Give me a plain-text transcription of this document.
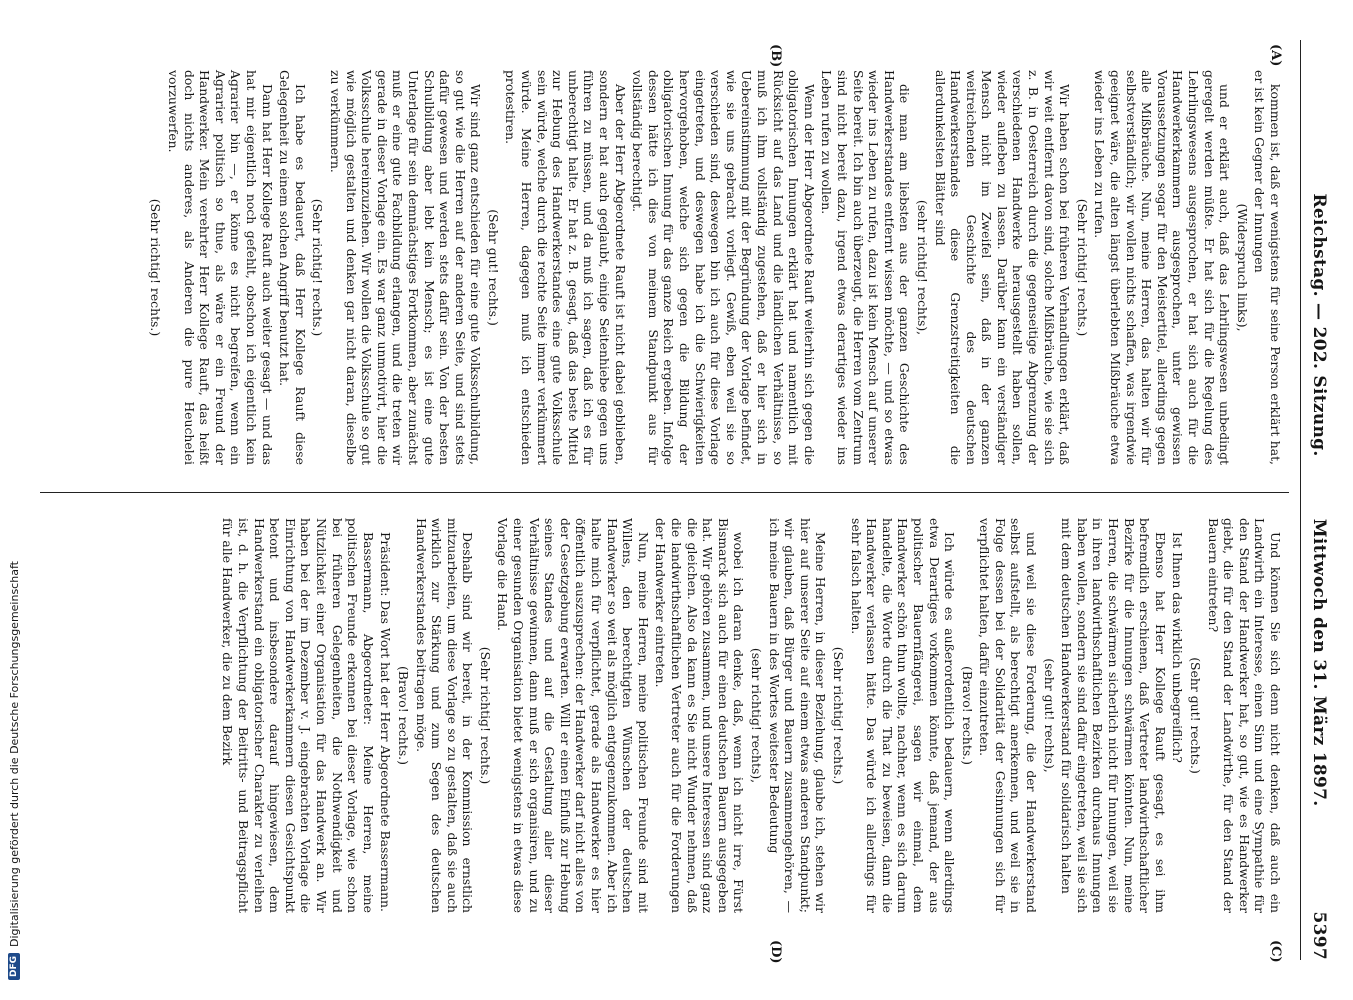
Reichstag. — 202. Sitzung.          Mittwoch den 31. März 1897.
5397
(A)
(B)
(C)
(D)

kommen ist, daß er wenigstens für seine Person erklärt hat, er ist kein Gegner der Innungen

(Widerspruch links),

und er erklärt auch, daß das Lehrlingswesen unbedingt geregelt werden müßte. Er hat sich für die Regelung des Lehrlingswesens ausgesprochen, er hat sich auch für die Handwerkerkammern ausgesprochen, unter gewissen Voraussetzungen sogar für den Meistertitel, allerdings gegen alle Mißbräuche. Nun, meine Herren, das halten wir für selbstverständlich; wir wollen nichts schaffen, was irgendwie geeignet wäre, die alten längst überlebten Mißbräuche etwa wieder ins Leben zu rufen.

(Sehr richtig! rechts.)

Wir haben schon bei früheren Verhandlungen erklärt, daß wir weit entfernt davon sind, solche Mißbräuche, wie sie sich z. B. in Oesterreich durch die gegenseitige Abgrenzung der verschiedenen Handwerke herausgestellt haben sollen, wieder aufleben zu lassen. Darüber kann ein verständiger Mensch nicht im Zweifel sein, daß in der ganzen weitreichenden Geschichte des deutschen Handwerkerstandes diese Grenzstreitigkeiten die allerdunkelsten Blätter sind

(sehr richtig! rechts),

die man am liebsten aus der ganzen Geschichte des Handwerkerstandes entfernt wissen möchte, — und so etwas wieder ins Leben zu rufen, dazu ist kein Mensch auf unserer Seite bereit. Ich bin auch überzeugt, die Herren vom Zentrum sind nicht bereit dazu, irgend etwas derartiges wieder ins Leben rufen zu wollen.

Wenn der Herr Abgeordnete Rauft weiterhin sich gegen die obligatorischen Innungen erklärt hat und namentlich mit Rücksicht auf das Land und die ländlichen Verhältnisse, so muß ich ihm vollständig zugestehen, daß er hier sich in Uebereinstimmung mit der Begründung der Vorlage befindet, wie sie uns gebracht vorliegt. Gewiß, eben weil sie so verschieden sind, deswegen bin ich auch für diese Vorlage eingetreten, und deswegen habe ich die Schwierigkeiten hervorgehoben, welche sich gegen die Bildung der obligatorischen Innung für das ganze Reich ergeben. Infolge dessen hätte ich dies von meinem Standpunkt aus für vollständig berechtigt.

Aber der Herr Abgeordnete Rauft ist nicht dabei geblieben, sondern er hat auch geglaubt, einige Seitenhiebe gegen uns führen zu müssen, und da muß ich sagen, daß ich es für unberechtigt halte. Er hat z. B. gesagt, daß das beste Mittel zur Hebung des Handwerkerstandes eine gute Volksschule sein würde, welche durch die rechte Seite immer verkümmert würde. Meine Herren, dagegen muß ich entschieden protestiren.

(Sehr gut! rechts.)

Wir sind ganz entschieden für eine gute Volksschulbildung, so gut wie die Herren auf der anderen Seite, und sind stets dafür gewesen und werden stets dafür sein. Von der besten Schulbildung aber lebt kein Mensch; es ist eine gute Unterlage für sein demnächstiges Fortkommen, aber zunächst muß er eine gute Fachbildung erlangen, und die treten wir gerade in dieser Vorlage ein. Es war ganz unmotivirt, hier die Volksschule hereinzuziehen. Wir wollen die Volksschule so gut wie möglich gestalten und denken gar nicht daran, dieselbe zu verkümmern.

(Sehr richtig! rechts.)

Ich habe es bedauert, daß Herr Kollege Rauft diese Gelegenheit zu einem solchen Angriff benutzt hat.

Dann hat Herr Kollege Rauft auch weiter gesagt — und das hat mir eigentlich noch gefehlt, obschon ich eigentlich kein Agrarier bin —, er könne es nicht begreifen, wenn ein Agrarier politisch so thue, als wäre er ein Freund der Handwerker. Mein verehrter Herr Kollege Rauft, das heißt doch nichts anderes, als Anderen die pure Heuchelei vorzuwerfen.

(Sehr richtig! rechts.)

Und können Sie sich denn nicht denken, daß auch ein Landwirth ein Interesse, einen Sinn und eine Sympathie für den Stand der Handwerker hat, so gut, wie es Handwerker giebt, die für den Stand der Landwirthe, für den Stand der Bauern eintreten?

(Sehr gut! rechts.)

Ist Ihnen das wirklich unbegreiflich?

Ebenso hat Herr Kollege Rauft gesagt, es sei ihm befremdlich erschienen, daß Vertreter landwirthschaftlicher Bezirke für die Innungen schwärmen könnten. Nun, meine Herren, die schwärmen sicherlich nicht für Innungen, weil sie in ihren landwirthschaftlichen Bezirken durchaus Innungen haben wollen, sondern sie sind dafür eingetreten, weil sie sich mit dem deutschen Handwerkerstand für solidarisch halten

(sehr gut! rechts),

und weil sie diese Forderung, die der Handwerkerstand selbst aufstellt, als berechtigt anerkennen, und weil sie in Folge dessen bei der Solidarität der Gesinnungen sich für verpflichtet halten, dafür einzutreten.

(Bravo! rechts.)

Ich würde es außerordentlich bedauern, wenn allerdings etwa Derartiges vorkommen könnte, daß jemand, der aus politischer Bauernfängerei, sagen wir einmal, dem Handwerker schön thun wollte, nachher, wenn es sich darum handelte, die Worte durch die That zu beweisen, dann die Handwerker verlassen hätte. Das würde ich allerdings für sehr falsch halten.

(Sehr richtig! rechts.)

Meine Herren, in dieser Beziehung, glaube ich, stehen wir hier auf unserer Seite auf einem etwas anderen Standpunkt; wir glauben, daß Bürger und Bauern zusammengehören, — ich meine Bauern in des Wortes weitester Bedeutung

(sehr richtig! rechts),

wobei ich daran denke, daß, wenn ich nicht irre, Fürst Bismarck sich auch für einen deutschen Bauern ausgegeben hat. Wir gehören zusammen, und unsere Interessen sind ganz die gleichen. Also da kann es Sie nicht Wunder nehmen, daß die landwirthschaftlichen Vertreter auch für die Forderungen der Handwerker eintreten.

Nun, meine Herren, meine politischen Freunde sind mit Willens, den berechtigten Wünschen der deutschen Handwerker so weit als möglich entgegenzukommen. Aber ich halte mich für verpflichtet, gerade als Handwerker es hier öffentlich auszusprechen: der Handwerker darf nicht alles von der Gesetzgebung erwarten. Will er einen Einfluß zur Hebung seines Standes und auf die Gestaltung aller dieser Verhältnisse gewinnen, dann muß er sich organisiren, und zu einer gesunden Organisation bietet wenigstens in etwas diese Vorlage die Hand.

(Sehr richtig! rechts.)

Deshalb sind wir bereit, in der Kommission ernstlich mitzuarbeiten, um diese Vorlage so zu gestalten, daß sie auch wirklich zur Stärkung und zum Segen des deutschen Handwerkerstandes beitragen möge.

(Bravo! rechts.)

Präsident: Das Wort hat der Herr Abgeordnete Bassermann.

Bassermann, Abgeordneter: Meine Herren, meine politischen Freunde erkennen bei dieser Vorlage, wie schon bei früheren Gelegenheiten, die Nothwendigkeit und Nützlichkeit einer Organisation für das Handwerk an. Wir haben bei der im Dezember v. J. eingebrachten Vorlage die Einrichtung von Handwerkerkammern diesen Gesichtspunkt betont und insbesondere darauf hingewiesen, dem Handwerkerstand ein obligatorischer Charakter zu verleihen ist, d. h. die Verpflichtung der Beitritts- und Beitragspflicht für alle Handwerker, die zu dem Bezirk

DFG
Digitalisierung gefördert durch die Deutsche Forschungsgemeinschaft
